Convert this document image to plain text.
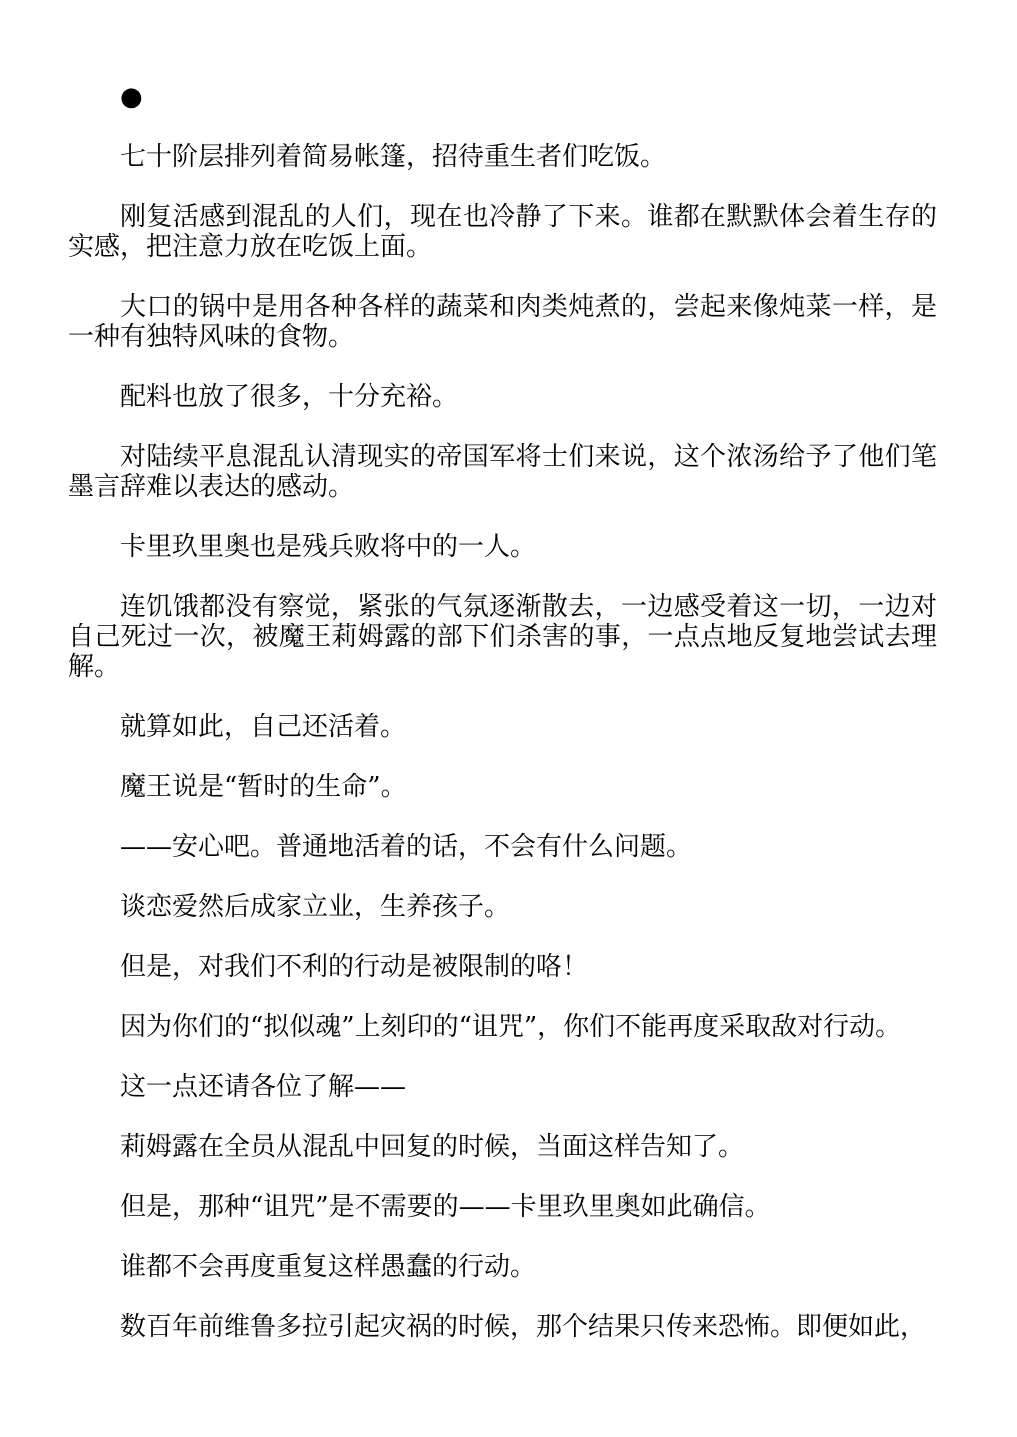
●

七十阶层排列着简易帐篷，招待重生者们吃饭。

刚复活感到混乱的人们，现在也冷静了下来。谁都在默默体会着生存的实感，把注意力放在吃饭上面。

大口的锅中是用各种各样的蔬菜和肉类炖煮的，尝起来像炖菜一样，是一种有独特风味的食物。

配料也放了很多，十分充裕。

对陆续平息混乱认清现实的帝国军将士们来说，这个浓汤给予了他们笔墨言辞难以表达的感动。

卡里玖里奥也是残兵败将中的一人。

连饥饿都没有察觉，紧张的气氛逐渐散去，一边感受着这一切，一边对自己死过一次，被魔王莉姆露的部下们杀害的事，一点点地反复地尝试去理解。

就算如此，自己还活着。

魔王说是“暂时的生命”。

——安心吧。普通地活着的话，不会有什么问题。

谈恋爱然后成家立业，生养孩子。

但是，对我们不利的行动是被限制的咯！

因为你们的“拟似魂”上刻印的“诅咒”，你们不能再度采取敌对行动。

这一点还请各位了解——

莉姆露在全员从混乱中回复的时候，当面这样告知了。

但是，那种“诅咒”是不需要的——卡里玖里奥如此确信。

谁都不会再度重复这样愚蠢的行动。

数百年前维鲁多拉引起灾祸的时候，那个结果只传来恐怖。即便如此，
